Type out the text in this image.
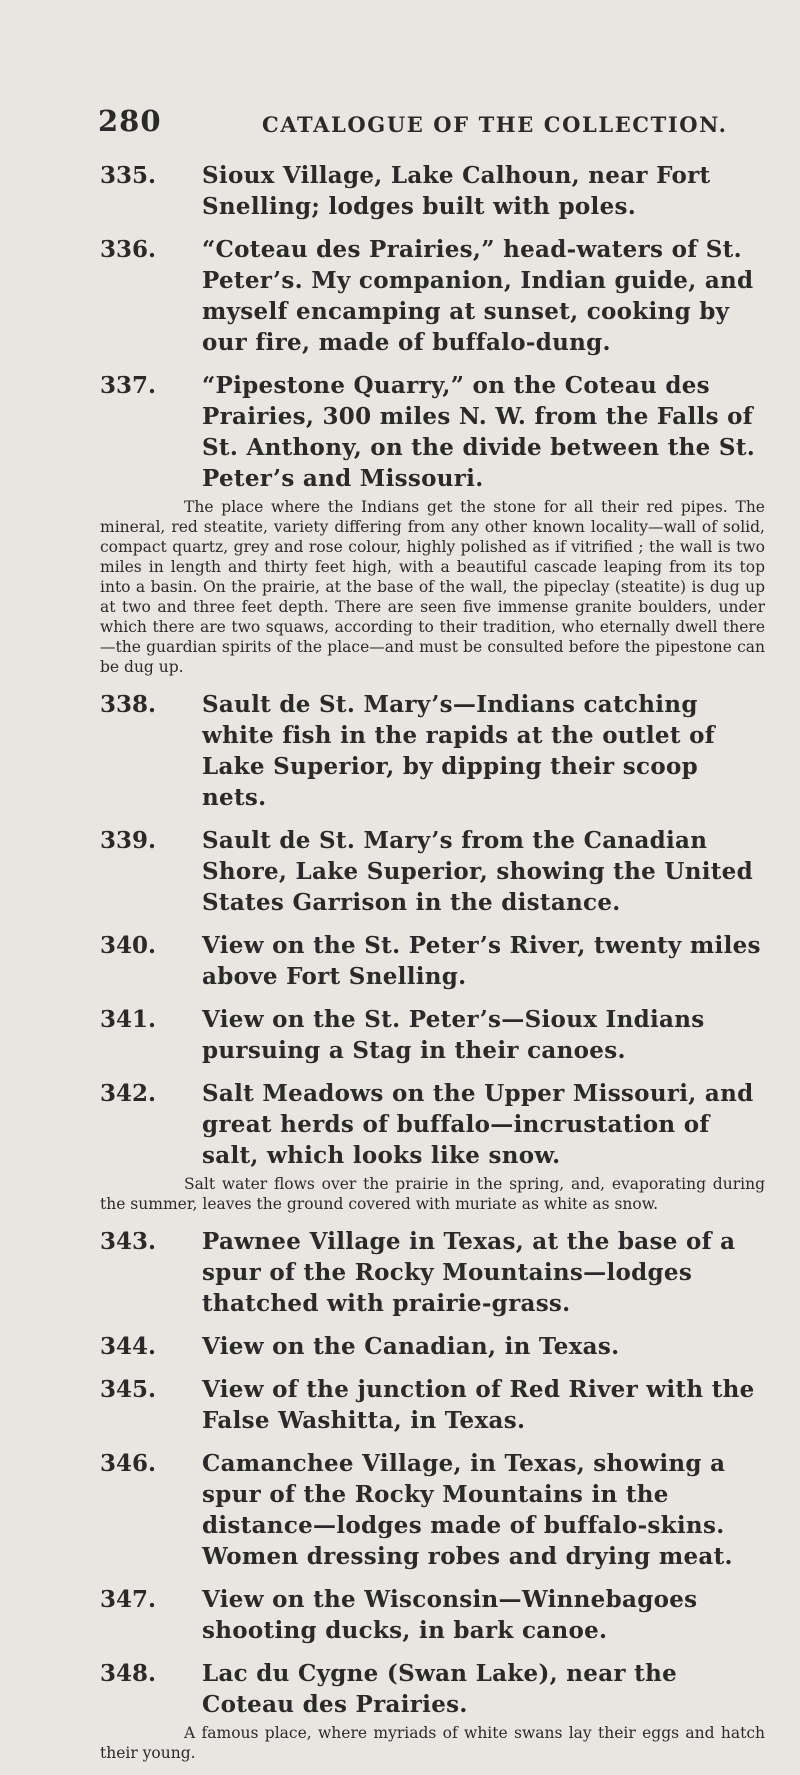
280	CATALOGUE OF THE COLLECTION.
335. Sioux Village, Lake Calhoun, near Fort Snelling; lodges built with poles.
336. “Coteau des Prairies,” head-waters of St. Peter’s. My companion, Indian guide, and myself encamping at sunset, cooking by our fire, made of buffalo-dung.
337. “Pipestone Quarry,” on the Coteau des Prairies, 300 miles N. W. from the Falls of St. Anthony, on the divide between the St. Peter’s and Missouri.
The place where the Indians get the stone for all their red pipes. The mineral, red steatite, variety differing from any other known locality—wall of solid, compact quartz, grey and rose colour, highly polished as if vitrified ; the wall is two miles in length and thirty feet high, with a beautiful cascade leaping from its top into a basin. On the prairie, at the base of the wall, the pipeclay (steatite) is dug up at two and three feet depth. There are seen five immense granite boulders, under which there are two squaws, according to their tradition, who eternally dwell there—the guardian spirits of the place—and must be consulted before the pipestone can be dug up.
338. Sault de St. Mary’s—Indians catching white fish in the rapids at the outlet of Lake Superior, by dipping their scoop nets.
339. Sault de St. Mary’s from the Canadian Shore, Lake Superior, showing the United States Garrison in the distance.
340. View on the St. Peter’s River, twenty miles above Fort Snelling.
341. View on the St. Peter’s—Sioux Indians pursuing a Stag in their canoes.
342. Salt Meadows on the Upper Missouri, and great herds of buffalo—incrustation of salt, which looks like snow.
Salt water flows over the prairie in the spring, and, evaporating during the summer, leaves the ground covered with muriate as white as snow.
343. Pawnee Village in Texas, at the base of a spur of the Rocky Mountains—lodges thatched with prairie-grass.
344. View on the Canadian, in Texas.
345. View of the junction of Red River with the False Washitta, in Texas.
346. Camanchee Village, in Texas, showing a spur of the Rocky Mountains in the distance—lodges made of buffalo-skins. Women dressing robes and drying meat.
347. View on the Wisconsin—Winnebagoes shooting ducks, in bark canoe.
348. Lac du Cygne (Swan Lake), near the Coteau des Prairies.
A famous place, where myriads of white swans lay their eggs and hatch their young.
